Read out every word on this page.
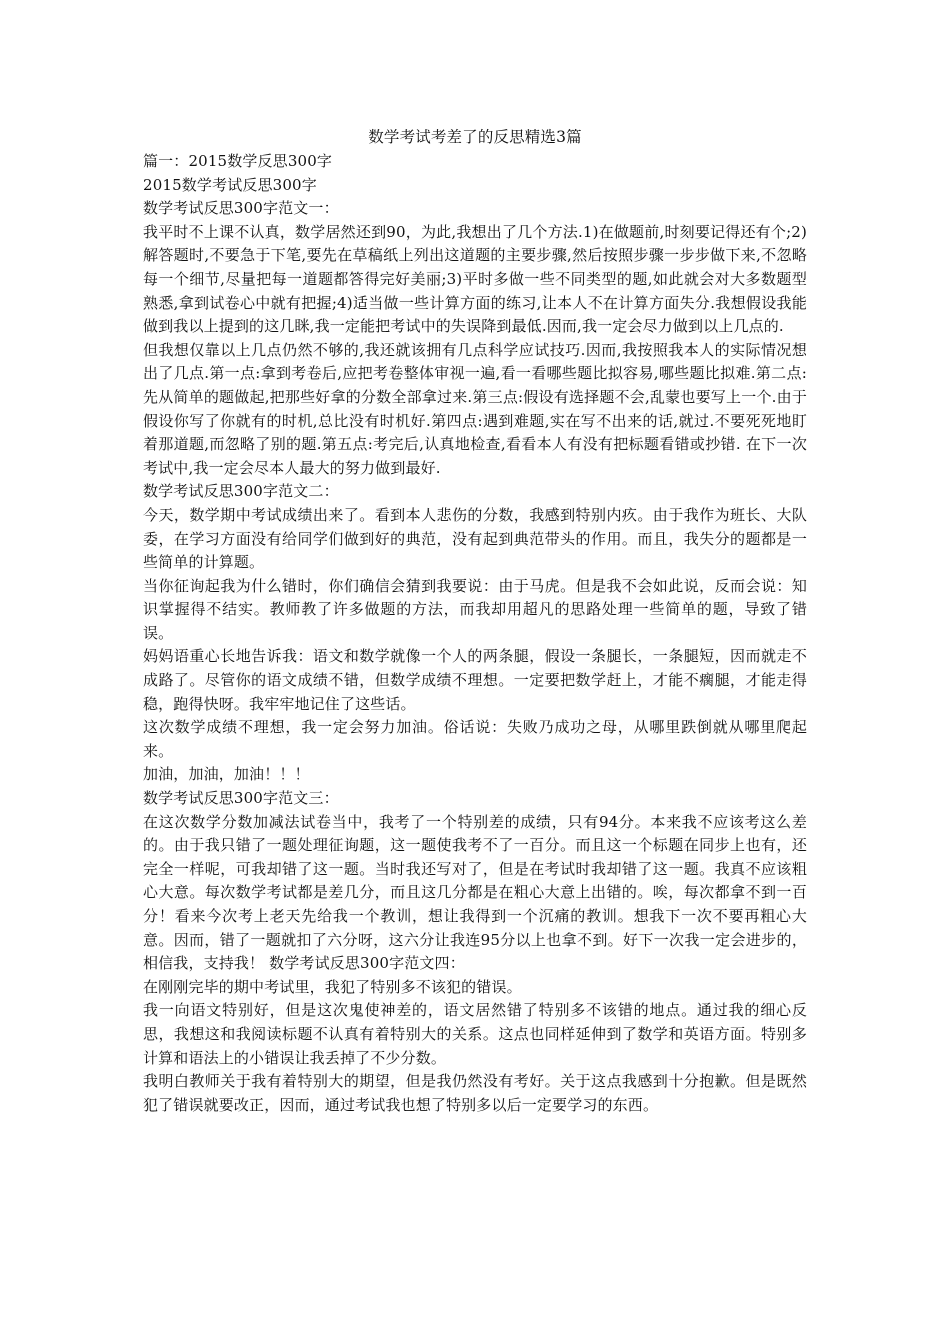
数学考试考差了的反思精选3篇
篇一：2015数学反思300字
2015数学考试反思300字
数学考试反思300字范文一：
我平时不上课不认真，数学居然还到90，为此,我想出了几个方法.1)在做题前,时刻要记得还有个;2)解答题时,不要急于下笔,要先在草稿纸上列出这道题的主要步骤,然后按照步骤一步步做下来,不忽略每一个细节,尽量把每一道题都答得完好美丽;3)平时多做一些不同类型的题,如此就会对大多数题型熟悉,拿到试卷心中就有把握;4)适当做一些计算方面的练习,让本人不在计算方面失分.我想假设我能做到我以上提到的这几眯,我一定能把考试中的失误降到最低.因而,我一定会尽力做到以上几点的.
但我想仅靠以上几点仍然不够的,我还就该拥有几点科学应试技巧.因而,我按照我本人的实际情况想出了几点.第一点:拿到考卷后,应把考卷整体审视一遍,看一看哪些题比拟容易,哪些题比拟难.第二点:先从简单的题做起,把那些好拿的分数全部拿过来.第三点:假设有选择题不会,乱蒙也要写上一个.由于假设你写了你就有的时机,总比没有时机好.第四点:遇到难题,实在写不出来的话,就过.不要死死地盯着那道题,而忽略了别的题.第五点:考完后,认真地检查,看看本人有没有把标题看错或抄错. 在下一次考试中,我一定会尽本人最大的努力做到最好.
数学考试反思300字范文二：
今天，数学期中考试成绩出来了。看到本人悲伤的分数，我感到特别内疚。由于我作为班长、大队委，在学习方面没有给同学们做到好的典范，没有起到典范带头的作用。而且，我失分的题都是一些简单的计算题。
当你征询起我为什么错时，你们确信会猜到我要说：由于马虎。但是我不会如此说，反而会说：知识掌握得不结实。教师教了许多做题的方法，而我却用超凡的思路处理一些简单的题，导致了错误。
妈妈语重心长地告诉我：语文和数学就像一个人的两条腿，假设一条腿长，一条腿短，因而就走不成路了。尽管你的语文成绩不错，但数学成绩不理想。一定要把数学赶上，才能不瘸腿，才能走得稳，跑得快呀。我牢牢地记住了这些话。
这次数学成绩不理想，我一定会努力加油。俗话说：失败乃成功之母，从哪里跌倒就从哪里爬起来。
加油，加油，加油！！！
数学考试反思300字范文三：
在这次数学分数加减法试卷当中，我考了一个特别差的成绩，只有94分。本来我不应该考这么差的。由于我只错了一题处理征询题，这一题使我考不了一百分。而且这一个标题在同步上也有，还完全一样呢，可我却错了这一题。当时我还写对了，但是在考试时我却错了这一题。我真不应该粗心大意。每次数学考试都是差几分，而且这几分都是在粗心大意上出错的。唉，每次都拿不到一百分！看来今次考上老天先给我一个教训，想让我得到一个沉痛的教训。想我下一次不要再粗心大意。因而，错了一题就扣了六分呀，这六分让我连95分以上也拿不到。好下一次我一定会进步的，相信我，支持我！ 数学考试反思300字范文四：
在刚刚完毕的期中考试里，我犯了特别多不该犯的错误。
我一向语文特别好，但是这次鬼使神差的，语文居然错了特别多不该错的地点。通过我的细心反思，我想这和我阅读标题不认真有着特别大的关系。这点也同样延伸到了数学和英语方面。特别多计算和语法上的小错误让我丢掉了不少分数。
我明白教师关于我有着特别大的期望，但是我仍然没有考好。关于这点我感到十分抱歉。但是既然犯了错误就要改正，因而，通过考试我也想了特别多以后一定要学习的东西。
